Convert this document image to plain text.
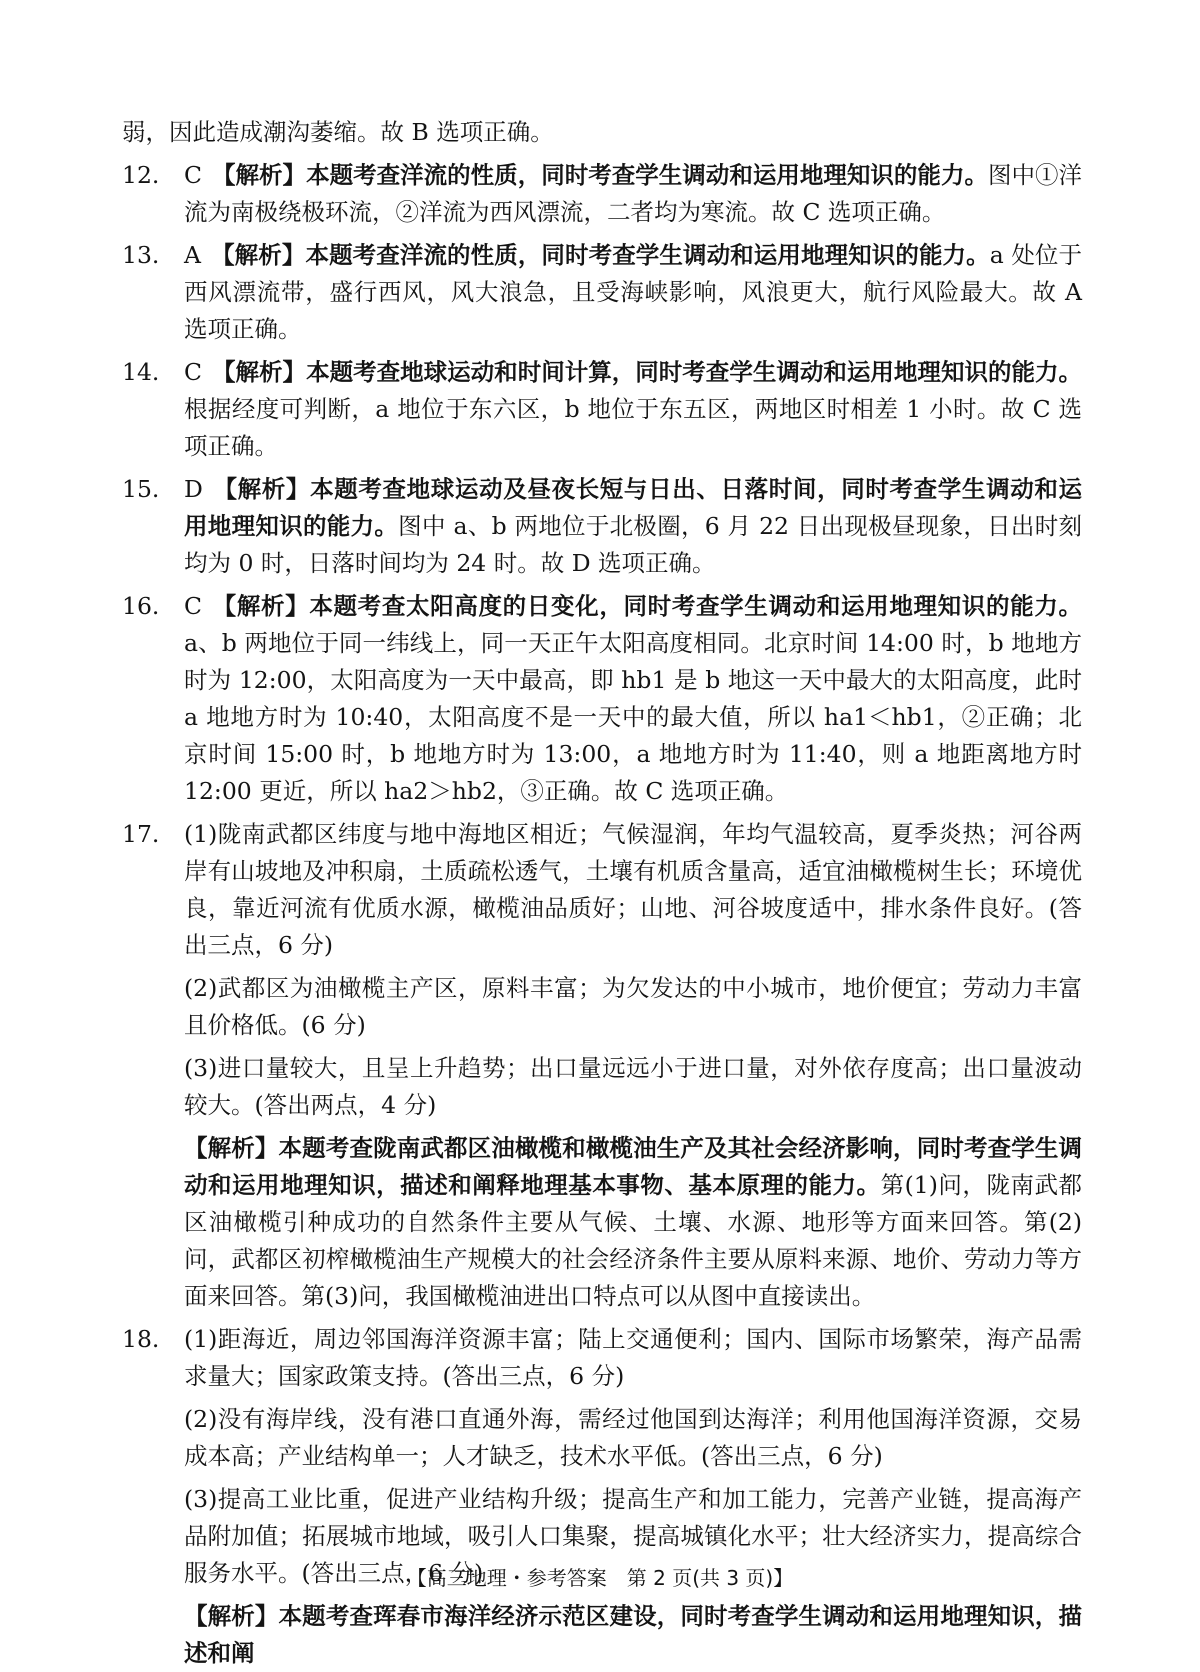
弱，因此造成潮沟萎缩。故 B 选项正确。

12.	C 【解析】本题考查洋流的性质，同时考查学生调动和运用地理知识的能力。图中①洋流为南极绕极环流，②洋流为西风漂流，二者均为寒流。故 C 选项正确。
13.	A 【解析】本题考查洋流的性质，同时考查学生调动和运用地理知识的能力。a 处位于西风漂流带，盛行西风，风大浪急，且受海峡影响，风浪更大，航行风险最大。故 A 选项正确。
14.	C 【解析】本题考查地球运动和时间计算，同时考查学生调动和运用地理知识的能力。根据经度可判断，a 地位于东六区，b 地位于东五区，两地区时相差 1 小时。故 C 选项正确。
15.	D 【解析】本题考查地球运动及昼夜长短与日出、日落时间，同时考查学生调动和运用地理知识的能力。图中 a、b 两地位于北极圈，6 月 22 日出现极昼现象，日出时刻均为 0 时，日落时间均为 24 时。故 D 选项正确。
16.	C 【解析】本题考查太阳高度的日变化，同时考查学生调动和运用地理知识的能力。a、b 两地位于同一纬线上，同一天正午太阳高度相同。北京时间 14:00 时，b 地地方时为 12:00，太阳高度为一天中最高，即 hb1 是 b 地这一天中最大的太阳高度，此时 a 地地方时为 10:40，太阳高度不是一天中的最大值，所以 ha1＜hb1，②正确；北京时间 15:00 时，b 地地方时为 13:00，a 地地方时为 11:40，则 a 地距离地方时 12:00 更近，所以 ha2＞hb2，③正确。故 C 选项正确。
17.	(1)陇南武都区纬度与地中海地区相近；气候湿润，年均气温较高，夏季炎热；河谷两岸有山坡地及冲积扇，土质疏松透气，土壤有机质含量高，适宜油橄榄树生长；环境优良，靠近河流有优质水源，橄榄油品质好；山地、河谷坡度适中，排水条件良好。(答出三点，6 分)
(2)武都区为油橄榄主产区，原料丰富；为欠发达的中小城市，地价便宜；劳动力丰富且价格低。(6 分)
(3)进口量较大，且呈上升趋势；出口量远远小于进口量，对外依存度高；出口量波动较大。(答出两点，4 分)
【解析】本题考查陇南武都区油橄榄和橄榄油生产及其社会经济影响，同时考查学生调动和运用地理知识，描述和阐释地理基本事物、基本原理的能力。第(1)问，陇南武都区油橄榄引种成功的自然条件主要从气候、土壤、水源、地形等方面来回答。第(2)问，武都区初榨橄榄油生产规模大的社会经济条件主要从原料来源、地价、劳动力等方面来回答。第(3)问，我国橄榄油进出口特点可以从图中直接读出。
18.	(1)距海近，周边邻国海洋资源丰富；陆上交通便利；国内、国际市场繁荣，海产品需求量大；国家政策支持。(答出三点，6 分)
(2)没有海岸线，没有港口直通外海，需经过他国到达海洋；利用他国海洋资源，交易成本高；产业结构单一；人才缺乏，技术水平低。(答出三点，6 分)
(3)提高工业比重，促进产业结构升级；提高生产和加工能力，完善产业链，提高海产品附加值；拓展城市地域，吸引人口集聚，提高城镇化水平；壮大经济实力，提高综合服务水平。(答出三点，6 分)
【解析】本题考查珲春市海洋经济示范区建设，同时考查学生调动和运用地理知识，描述和阐
【高三地理・参考答案　第 2 页(共 3 页)】
